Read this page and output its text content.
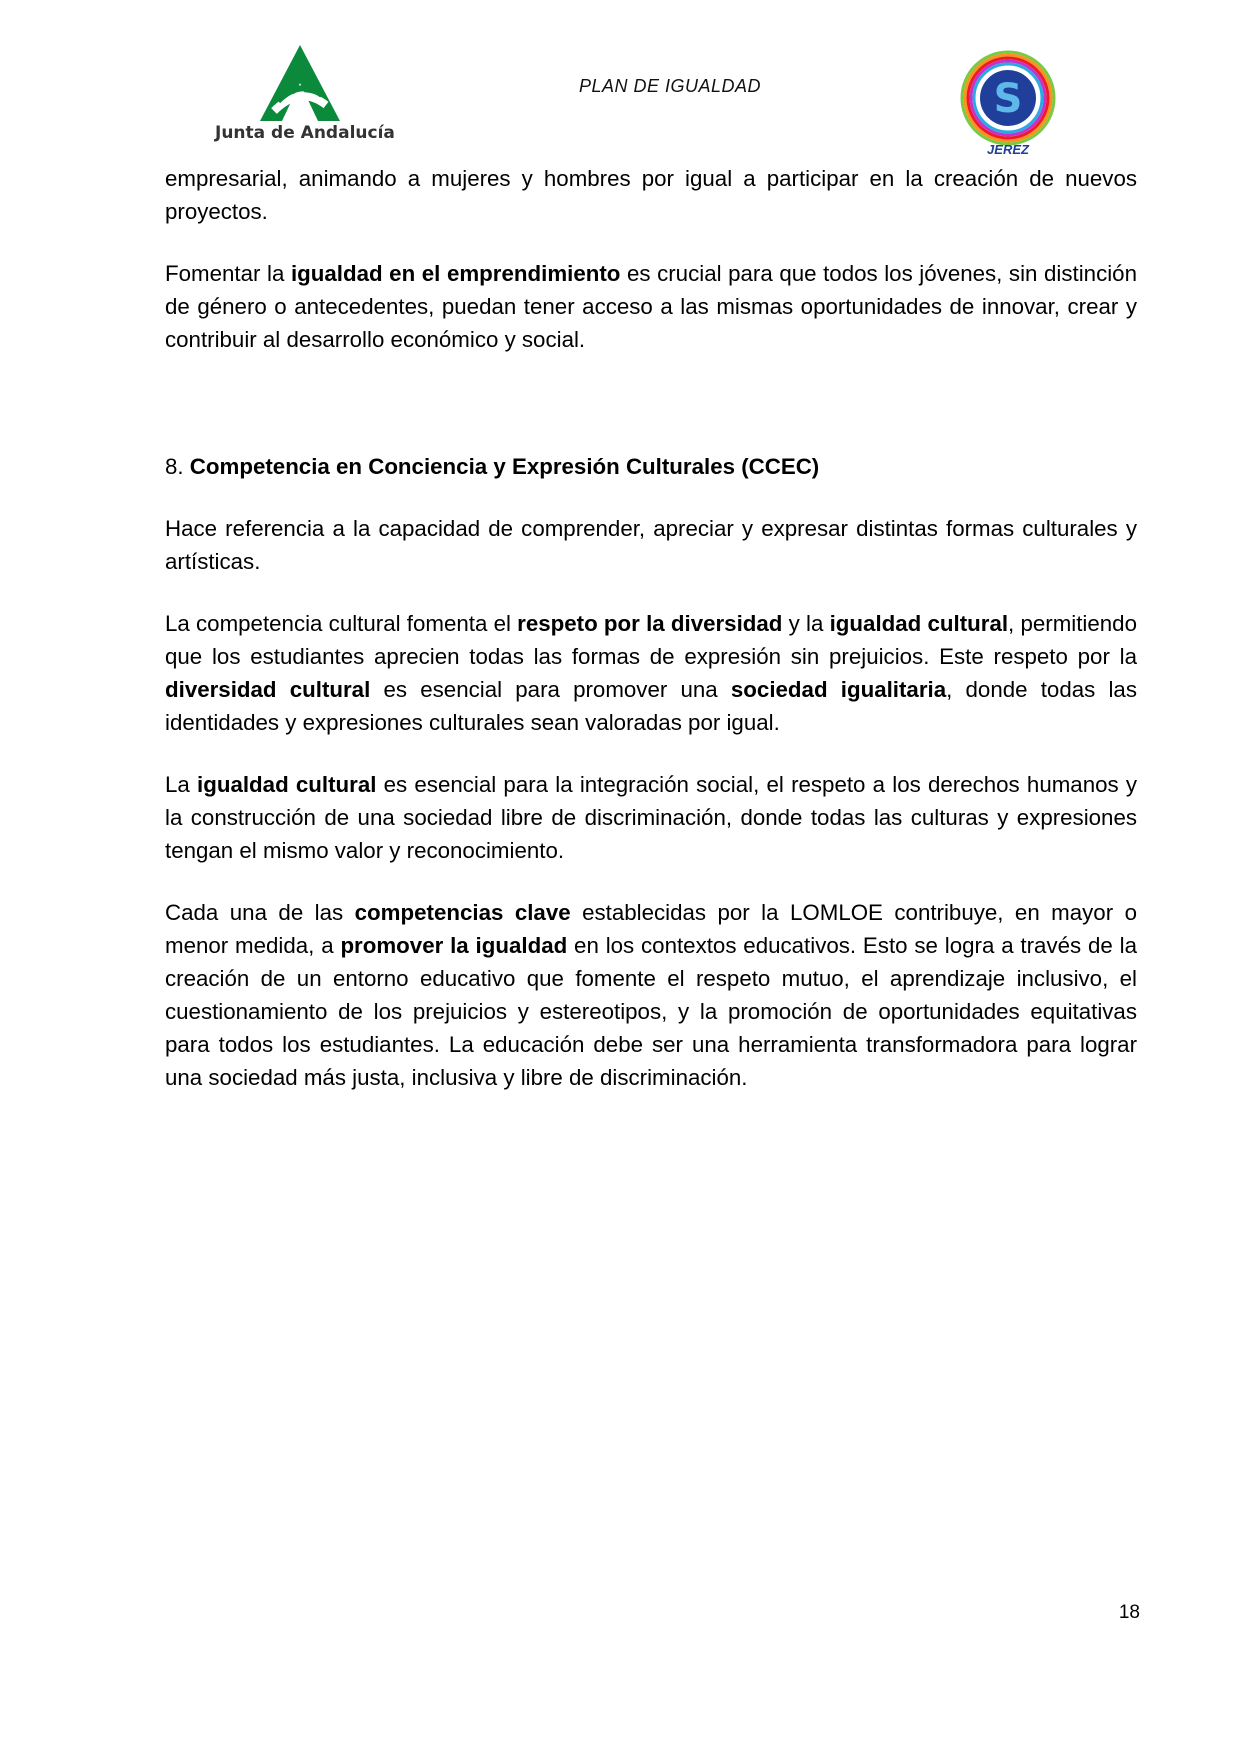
Junta de Andalucía
PLAN DE IGUALDAD	S
JEREZ

empresarial, animando a mujeres y hombres por igual a participar en la creación de nuevos proyectos.

Fomentar la igualdad en el emprendimiento es crucial para que todos los jóvenes, sin distinción de género o antecedentes, puedan tener acceso a las mismas oportunidades de innovar, crear y contribuir al desarrollo económico y social.

8. Competencia en Conciencia y Expresión Culturales (CCEC)

Hace referencia a la capacidad de comprender, apreciar y expresar distintas formas culturales y artísticas.

La competencia cultural fomenta el respeto por la diversidad y la igualdad cultural, permitiendo que los estudiantes aprecien todas las formas de expresión sin prejuicios. Este respeto por la diversidad cultural es esencial para promover una sociedad igualitaria, donde todas las identidades y expresiones culturales sean valoradas por igual.

La igualdad cultural es esencial para la integración social, el respeto a los derechos humanos y la construcción de una sociedad libre de discriminación, donde todas las culturas y expresiones tengan el mismo valor y reconocimiento.

Cada una de las competencias clave establecidas por la LOMLOE contribuye, en mayor o menor medida, a promover la igualdad en los contextos educativos. Esto se logra a través de la creación de un entorno educativo que fomente el respeto mutuo, el aprendizaje inclusivo, el cuestionamiento de los prejuicios y estereotipos, y la promoción de oportunidades equitativas para todos los estudiantes. La educación debe ser una herramienta transformadora para lograr una sociedad más justa, inclusiva y libre de discriminación.

18
